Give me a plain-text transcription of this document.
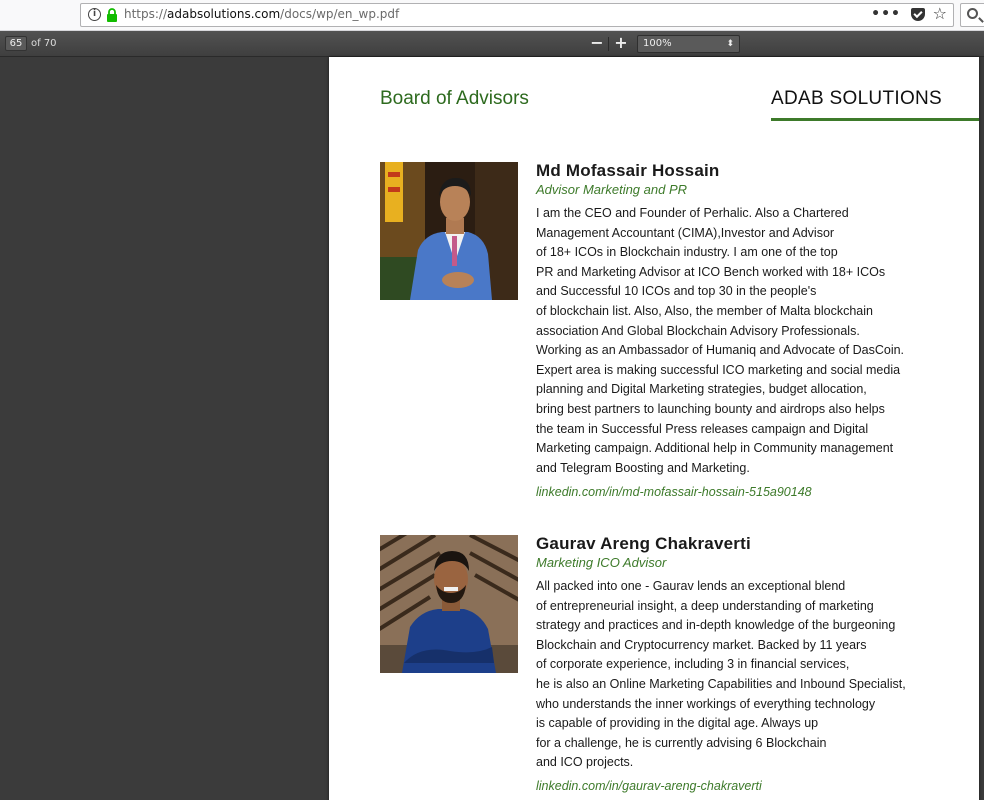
i	https://adabsolutions.com/docs/wp/en_wp.pdf	••• ☆
65 of 70	− +	100%	⬍
Board of Advisors	ADAB SOLUTIONS
Md Mofassair Hossain
Advisor Marketing and PR
I am the CEO and Founder of Perhalic. Also a Chartered
Management Accountant (CIMA),Investor and Advisor
of 18+ ICOs in Blockchain industry. I am one of the top
PR and Marketing Advisor at ICO Bench worked with 18+ ICOs
and Successful 10 ICOs and top 30 in the people's
of blockchain list. Also, Also, the member of Malta blockchain
association And Global Blockchain Advisory Professionals.
Working as an Ambassador of Humaniq and Advocate of DasCoin.
Expert area is making successful ICO marketing and social media
planning and Digital Marketing strategies, budget allocation,
bring best partners to launching bounty and airdrops also helps
the team in Successful Press releases campaign and Digital
Marketing campaign. Additional help in Community management
and Telegram Boosting and Marketing.
linkedin.com/in/md-mofassair-hossain-515a90148
Gaurav Areng Chakraverti
Marketing ICO Advisor
All packed into one - Gaurav lends an exceptional blend
of entrepreneurial insight, a deep understanding of marketing
strategy and practices and in-depth knowledge of the burgeoning
Blockchain and Cryptocurrency market. Backed by 11 years
of corporate experience, including 3 in financial services,
he is also an Online Marketing Capabilities and Inbound Specialist,
who understands the inner workings of everything technology
is capable of providing in the digital age. Always up
for a challenge, he is currently advising 6 Blockchain
and ICO projects.
linkedin.com/in/gaurav-areng-chakraverti
